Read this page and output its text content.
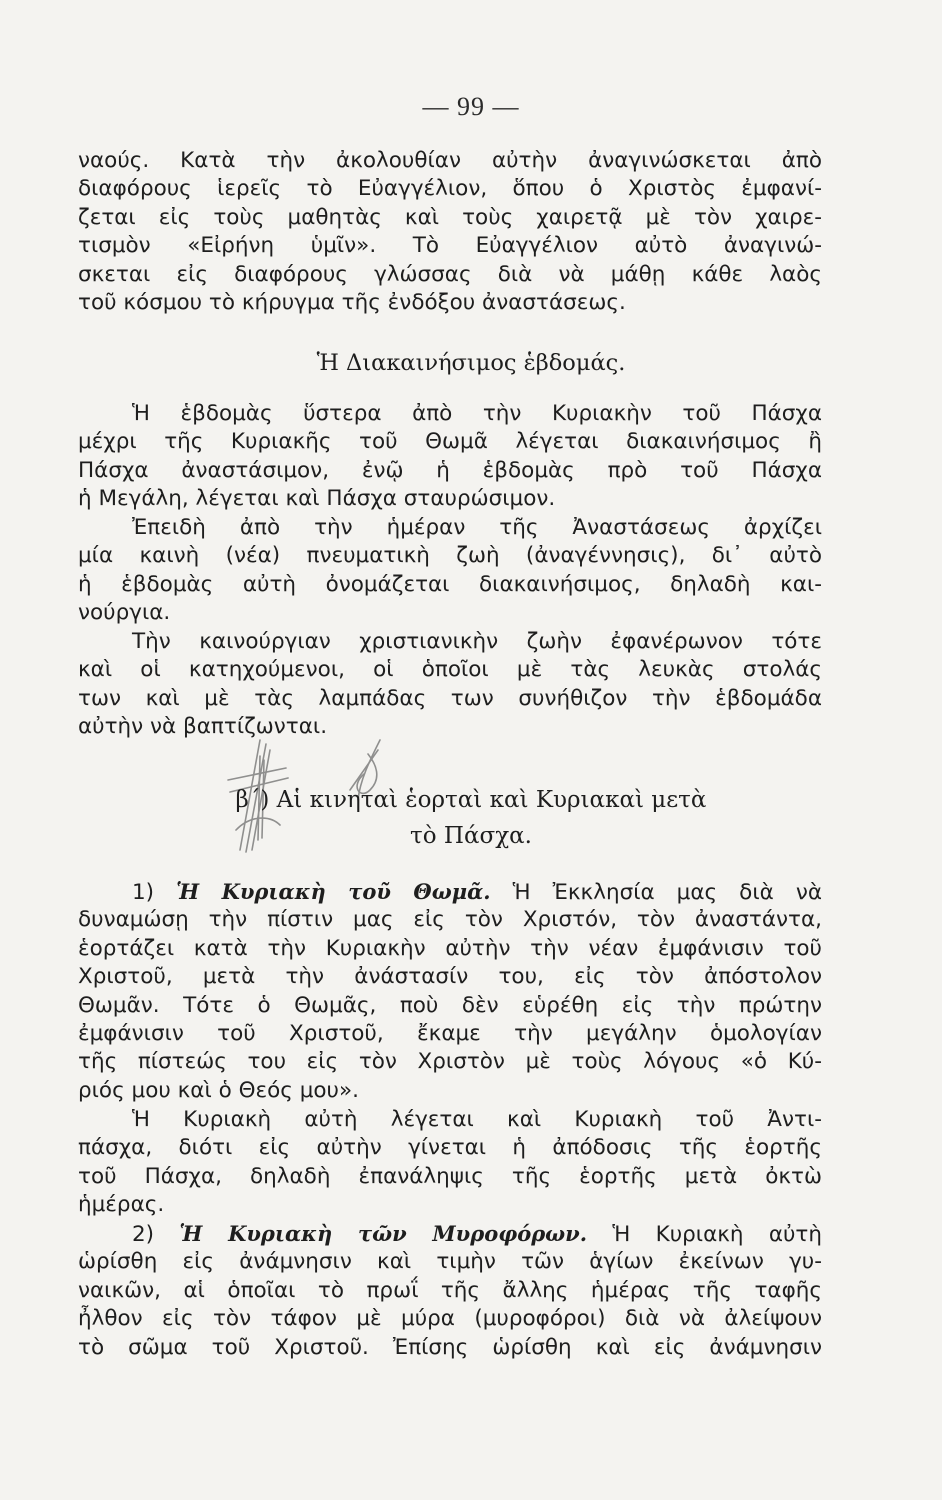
— 99 —
ναούς. Κατὰ τὴν ἀκολουθίαν αὐτὴν ἀναγινώσκεται ἀπὸ
διαφόρους ἱερεῖς τὸ Εὐαγγέλιον, ὅπου ὁ Χριστὸς ἐμφανί-
ζεται εἰς τοὺς μαθητὰς καὶ τοὺς χαιρετᾷ μὲ τὸν χαιρε-
τισμὸν «Εἰρήνη ὑμῖν». Τὸ Εὐαγγέλιον αὐτὸ ἀναγινώ-
σκεται εἰς διαφόρους γλώσσας διὰ νὰ μάθῃ κάθε λαὸς
τοῦ κόσμου τὸ κήρυγμα τῆς ἐνδόξου ἀναστάσεως.
Ἡ Διακαινήσιμος ἑβδομάς.
Ἡ ἑβδομὰς ὕστερα ἀπὸ τὴν Κυριακὴν τοῦ Πάσχα
μέχρι τῆς Κυριακῆς τοῦ Θωμᾶ λέγεται διακαινήσιμος ἢ
Πάσχα ἀναστάσιμον, ἐνῷ ἡ ἑβδομὰς πρὸ τοῦ Πάσχα
ἡ Μεγάλη, λέγεται καὶ Πάσχα σταυρώσιμον.
Ἐπειδὴ ἀπὸ τὴν ἡμέραν τῆς Ἀναστάσεως ἀρχίζει
μία καινὴ (νέα) πνευματικὴ ζωὴ (ἀναγέννησις), δι᾽ αὐτὸ
ἡ ἑβδομὰς αὐτὴ ὀνομάζεται διακαινήσιμος, δηλαδὴ και-
νούργια.
Τὴν καινούργιαν χριστιανικὴν ζωὴν ἐφανέρωνον τότε
καὶ οἱ κατηχούμενοι, οἱ ὁποῖοι μὲ τὰς λευκὰς στολάς
των καὶ μὲ τὰς λαμπάδας των συνήθιζον τὴν ἑβδομάδα
αὐτὴν νὰ βαπτίζωνται.
β΄) Αἱ κινηταὶ ἑορταὶ καὶ Κυριακαὶ μετὰ
τὸ Πάσχα.
1) Ἡ Κυριακὴ τοῦ Θωμᾶ. Ἡ Ἐκκλησία μας διὰ νὰ
δυναμώσῃ τὴν πίστιν μας εἰς τὸν Χριστόν, τὸν ἀναστάντα,
ἑορτάζει κατὰ τὴν Κυριακὴν αὐτὴν τὴν νέαν ἐμφάνισιν τοῦ
Χριστοῦ, μετὰ τὴν ἀνάστασίν του, εἰς τὸν ἀπόστολον
Θωμᾶν. Τότε ὁ Θωμᾶς, ποὺ δὲν εὑρέθη εἰς τὴν πρώτην
ἐμφάνισιν τοῦ Χριστοῦ, ἔκαμε τὴν μεγάλην ὁμολογίαν
τῆς πίστεώς του εἰς τὸν Χριστὸν μὲ τοὺς λόγους «ὁ Κύ-
ριός μου καὶ ὁ Θεός μου».
Ἡ Κυριακὴ αὐτὴ λέγεται καὶ Κυριακὴ τοῦ Ἀντι-
πάσχα, διότι εἰς αὐτὴν γίνεται ἡ ἀπόδοσις τῆς ἑορτῆς
τοῦ Πάσχα, δηλαδὴ ἐπανάληψις τῆς ἑορτῆς μετὰ ὀκτὼ
ἡμέρας.
2) Ἡ Κυριακὴ τῶν Μυροφόρων. Ἡ Κυριακὴ αὐτὴ
ὡρίσθη εἰς ἀνάμνησιν καὶ τιμὴν τῶν ἁγίων ἐκείνων γυ-
ναικῶν, αἱ ὁποῖαι τὸ πρωΐ τῆς ἄλλης ἡμέρας τῆς ταφῆς
ἦλθον εἰς τὸν τάφον μὲ μύρα (μυροφόροι) διὰ νὰ ἀλείψουν
τὸ σῶμα τοῦ Χριστοῦ. Ἐπίσης ὡρίσθη καὶ εἰς ἀνάμνησιν
